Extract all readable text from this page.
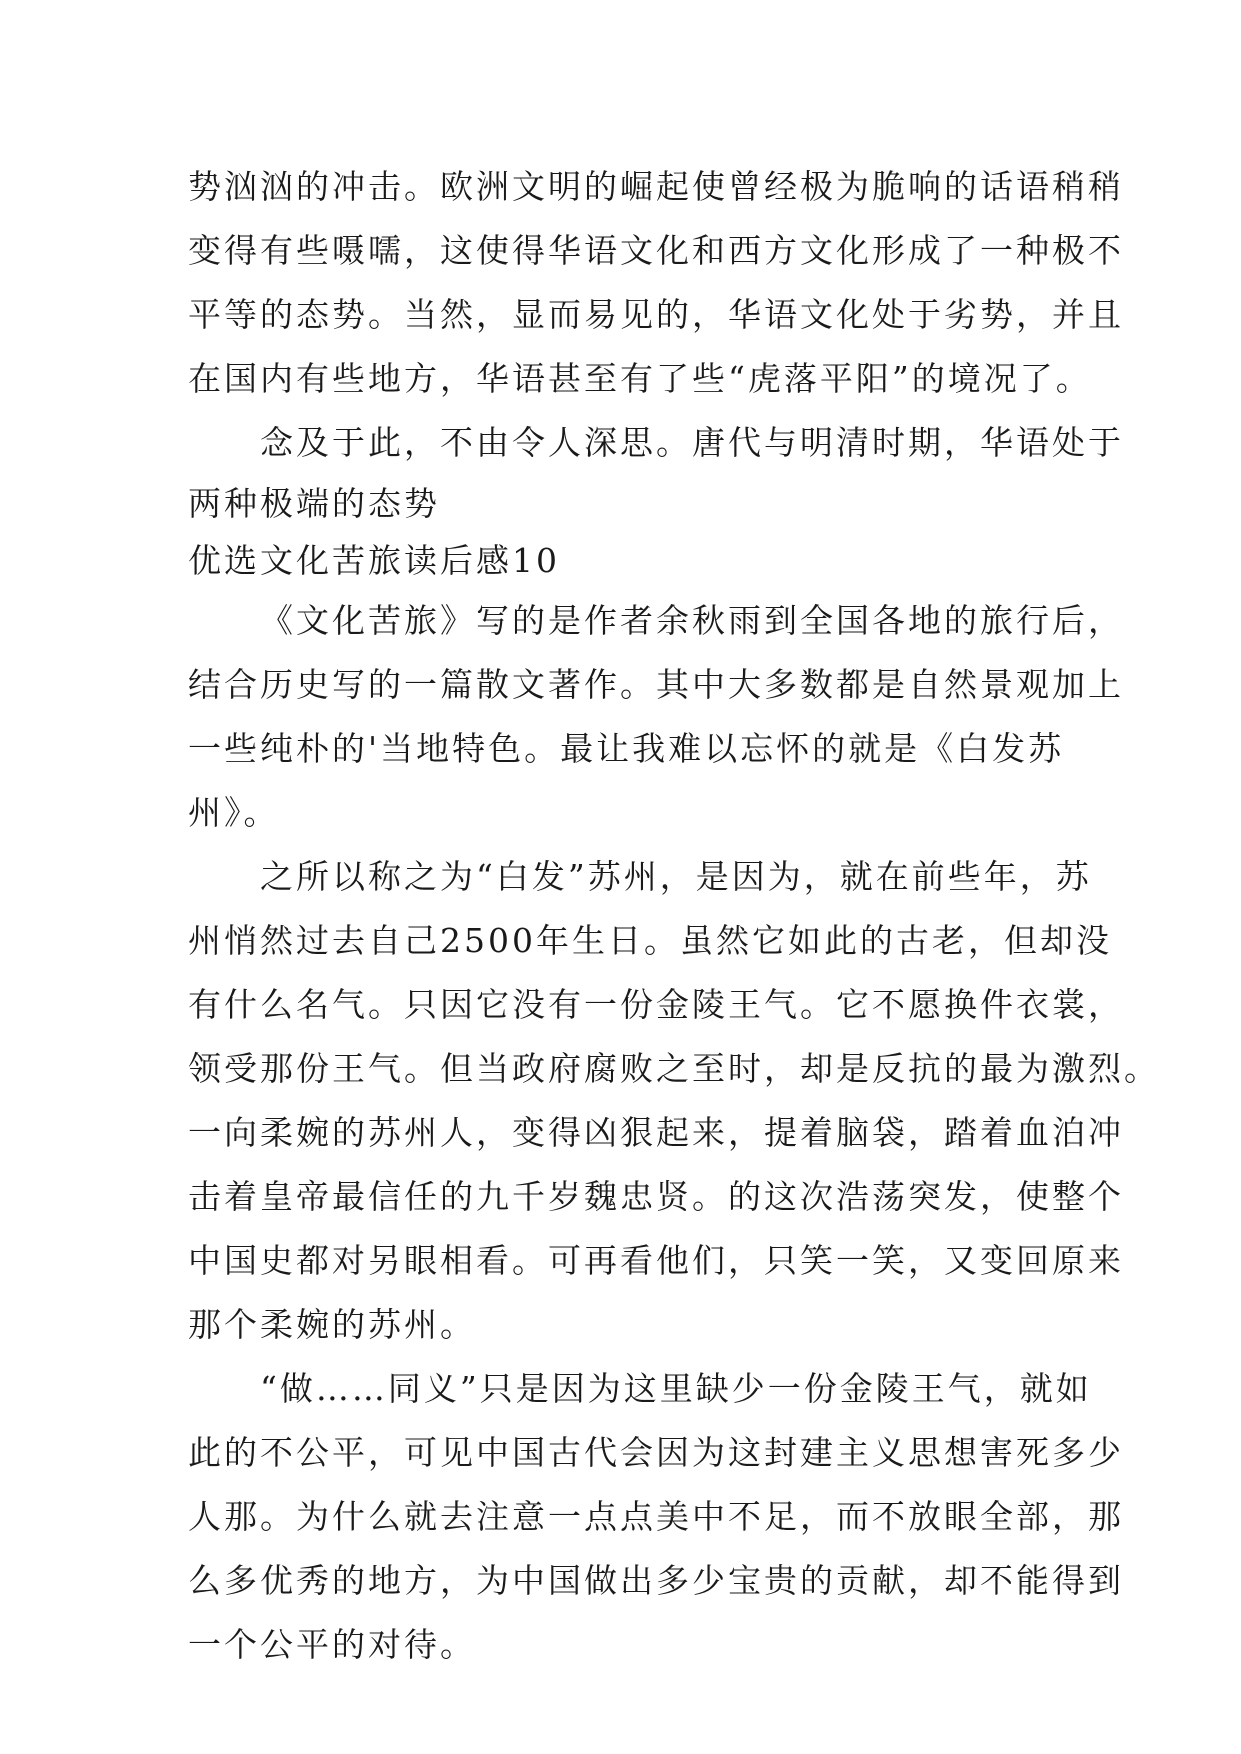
势汹汹的冲击。欧洲文明的崛起使曾经极为脆响的话语稍稍
变得有些嗫嚅，这使得华语文化和西方文化形成了一种极不
平等的态势。当然，显而易见的，华语文化处于劣势，并且
在国内有些地方，华语甚至有了些“虎落平阳”的境况了。
念及于此，不由令人深思。唐代与明清时期，华语处于
两种极端的态势
优选文化苦旅读后感10
《文化苦旅》写的是作者余秋雨到全国各地的旅行后，
结合历史写的一篇散文著作。其中大多数都是自然景观加上
一些纯朴的'当地特色。最让我难以忘怀的就是《白发苏
州》。
之所以称之为“白发”苏州，是因为，就在前些年，苏
州悄然过去自己2500年生日。虽然它如此的古老，但却没
有什么名气。只因它没有一份金陵王气。它不愿换件衣裳，
领受那份王气。但当政府腐败之至时，却是反抗的最为激烈。
一向柔婉的苏州人，变得凶狠起来，提着脑袋，踏着血泊冲
击着皇帝最信任的九千岁魏忠贤。的这次浩荡突发，使整个
中国史都对另眼相看。可再看他们，只笑一笑，又变回原来
那个柔婉的苏州。
“做……同义”只是因为这里缺少一份金陵王气，就如
此的不公平，可见中国古代会因为这封建主义思想害死多少
人那。为什么就去注意一点点美中不足，而不放眼全部，那
么多优秀的地方，为中国做出多少宝贵的贡献，却不能得到
一个公平的对待。
